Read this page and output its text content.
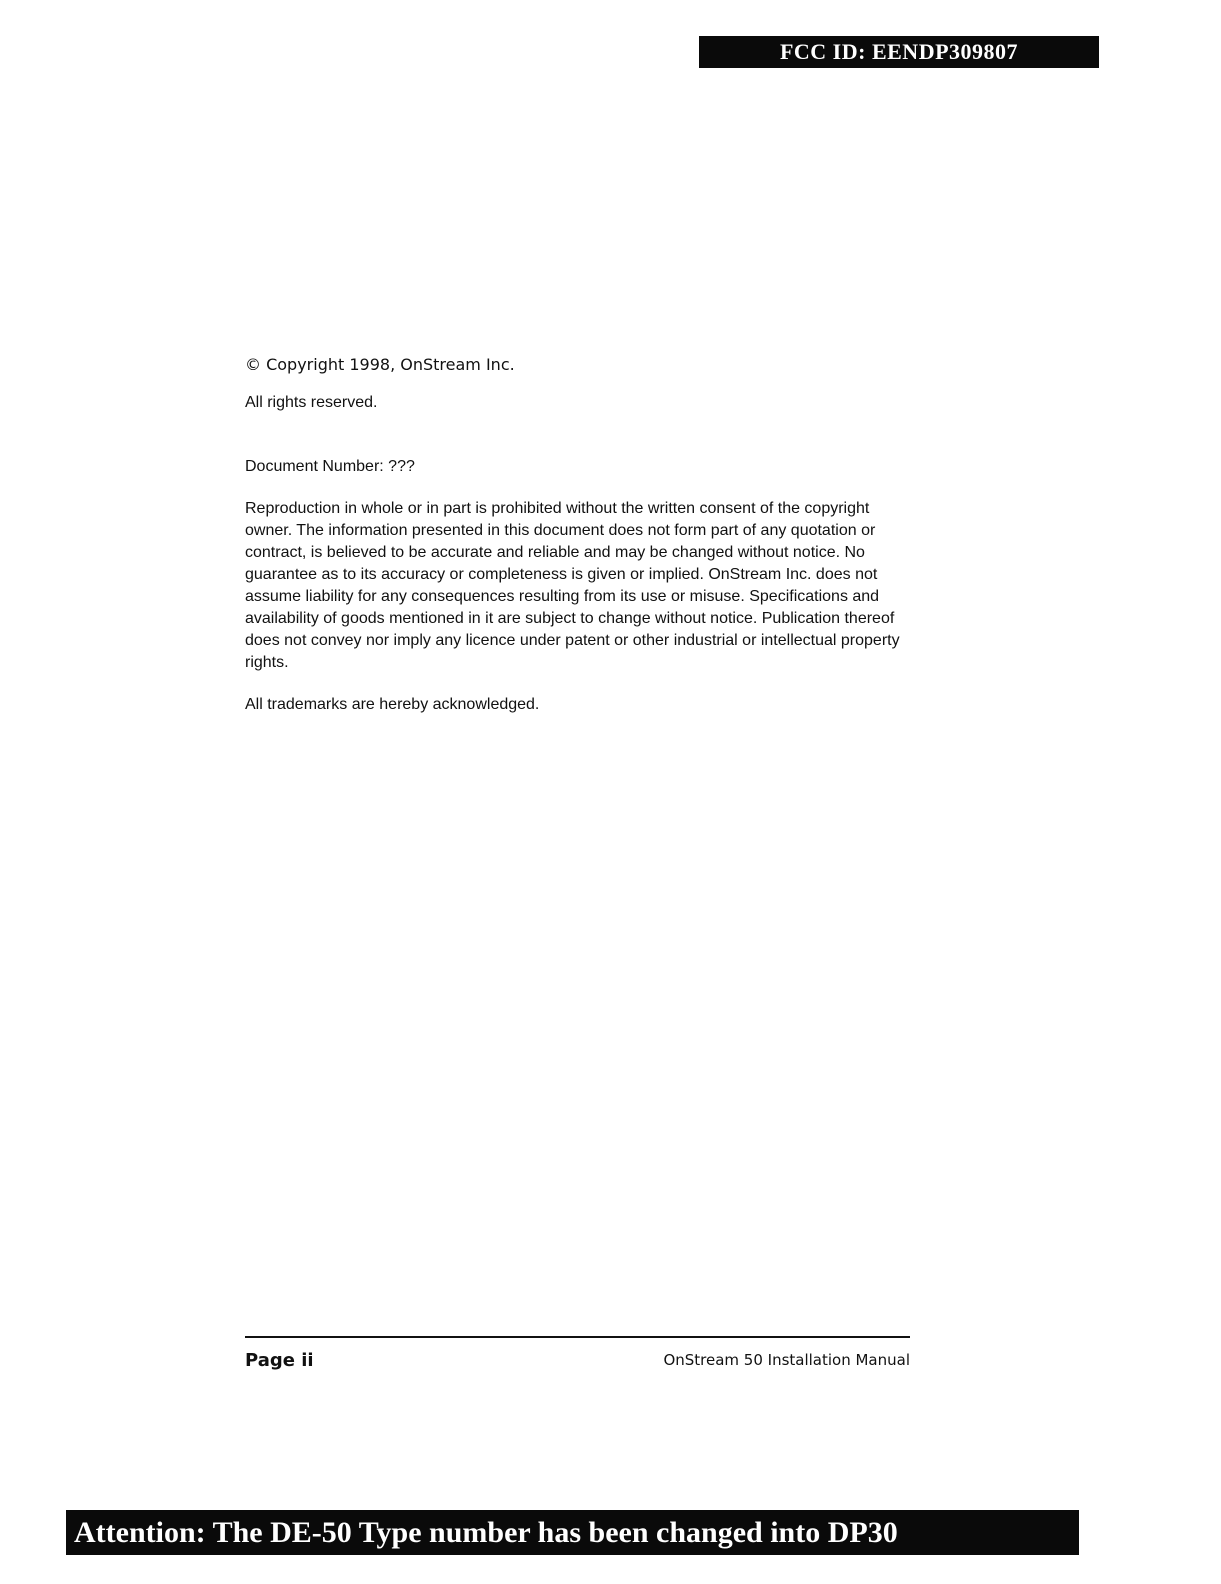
FCC ID: EENDP309807

© Copyright 1998, OnStream Inc.

All rights reserved.

Document Number: ???

Reproduction in whole or in part is prohibited without the written consent of the copyright owner. The information presented in this document does not form part of any quotation or contract, is believed to be accurate and reliable and may be changed without notice. No guarantee as to its accuracy or completeness is given or implied. OnStream Inc. does not assume liability for any consequences resulting from its use or misuse. Specifications and availability of goods mentioned in it are subject to change without notice. Publication thereof does not convey nor imply any licence under patent or other industrial or intellectual property rights.

All trademarks are hereby acknowledged.

Page ii	OnStream 50 Installation Manual
Attention: The DE-50 Type number has been changed into DP30
